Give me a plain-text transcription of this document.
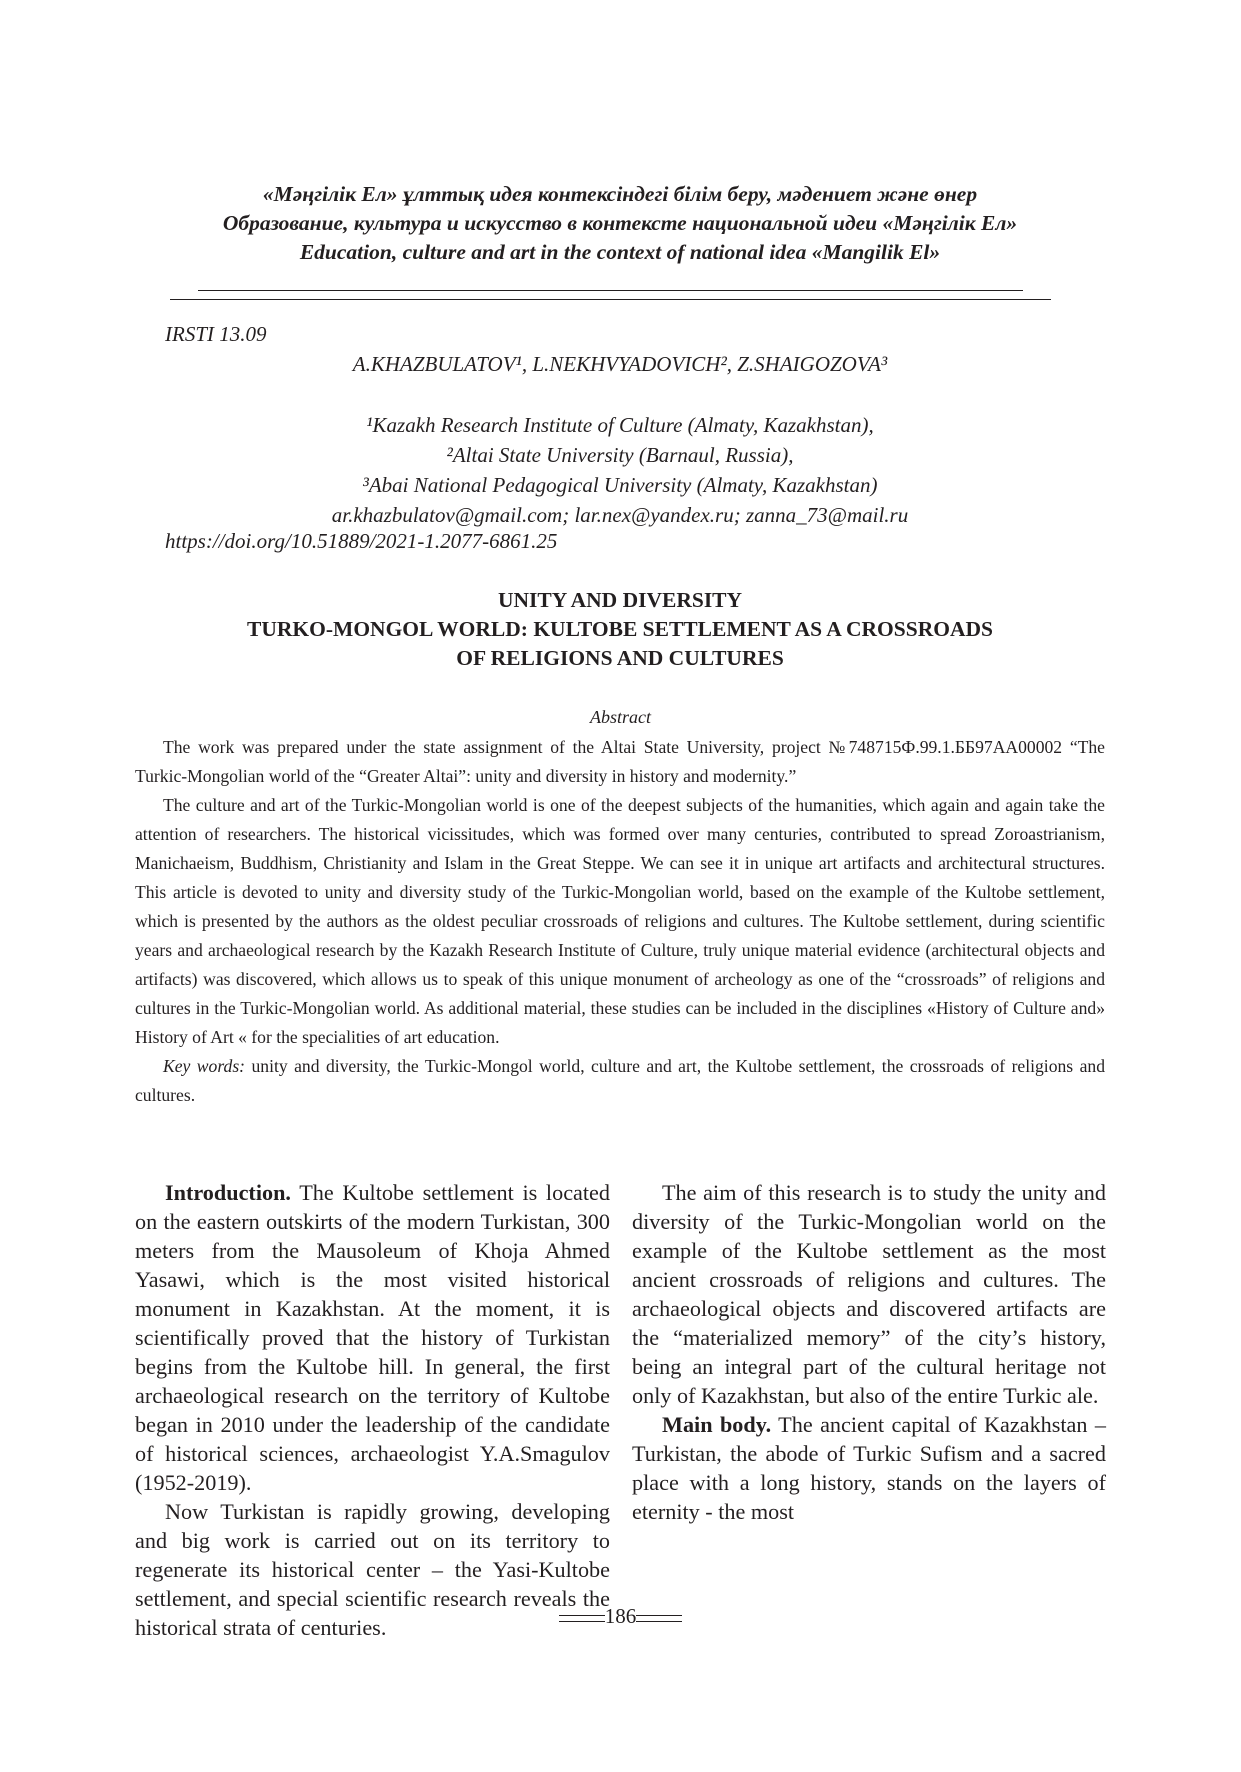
«Мәңгілік Ел» ұлттық идея контексіндегі білім беру, мәдениет және өнер
Образование, культура и искусство в контексте национальной идеи «Мәңгілік Ел»
Education, culture and art in the context of national idea «Mangilik El»
IRSTI 13.09
A.KHAZBULATOV¹, L.NEKHVYADOVICH², Z.SHAIGOZOVA³
¹Kazakh Research Institute of Culture (Almaty, Kazakhstan),
²Altai State University (Barnaul, Russia),
³Abai National Pedagogical University (Almaty, Kazakhstan)
ar.khazbulatov@gmail.com; lar.nex@yandex.ru; zanna_73@mail.ru
https://doi.org/10.51889/2021-1.2077-6861.25
UNITY AND DIVERSITY
TURKO-MONGOL WORLD: KULTOBE SETTLEMENT AS A CROSSROADS
OF RELIGIONS AND CULTURES
Abstract

The work was prepared under the state assignment of the Altai State University, project №748715Ф.99.1.ББ97АА00002 “The Turkic-Mongolian world of the “Greater Altai”: unity and diversity in history and modernity.”

The culture and art of the Turkic-Mongolian world is one of the deepest subjects of the humanities, which again and again take the attention of researchers. The historical vicissitudes, which was formed over many centuries, contributed to spread Zoroastrianism, Manichaeism, Buddhism, Christianity and Islam in the Great Steppe. We can see it in unique art artifacts and architectural structures. This article is devoted to unity and diversity study of the Turkic-Mongolian world, based on the example of the Kultobe settlement, which is presented by the authors as the oldest peculiar crossroads of religions and cultures. The Kultobe settlement, during scientific years and archaeological research by the Kazakh Research Institute of Culture, truly unique material evidence (architectural objects and artifacts) was discovered, which allows us to speak of this unique monument of archeology as one of the “crossroads” of religions and cultures in the Turkic-Mongolian world. As additional material, these studies can be included in the disciplines «History of Culture and» History of Art « for the specialities of art education.

Key words: unity and diversity, the Turkic-Mongol world, culture and art, the Kultobe settlement, the crossroads of religions and cultures.

Introduction. The Kultobe settlement is located on the eastern outskirts of the modern Turkistan, 300 meters from the Mausoleum of Khoja Ahmed Yasawi, which is the most visited historical monument in Kazakhstan. At the moment, it is scientifically proved that the history of Turkistan begins from the Kultobe hill. In general, the first archaeological research on the territory of Kultobe began in 2010 under the leadership of the candidate of historical sciences, archaeologist Y.A.Smagulov (1952-2019).

Now Turkistan is rapidly growing, developing and big work is carried out on its territory to regenerate its historical center – the Yasi-Kultobe settlement, and special scientific research reveals the historical strata of centuries.

The aim of this research is to study the unity and diversity of the Turkic-Mongolian world on the example of the Kultobe settlement as the most ancient crossroads of religions and cultures. The archaeological objects and discovered artifacts are the “materialized memory” of the city’s history, being an integral part of the cultural heritage not only of Kazakhstan, but also of the entire Turkic ale.

Main body. The ancient capital of Kazakhstan – Turkistan, the abode of Turkic Sufism and a sacred place with a long history, stands on the layers of eternity - the most

186
